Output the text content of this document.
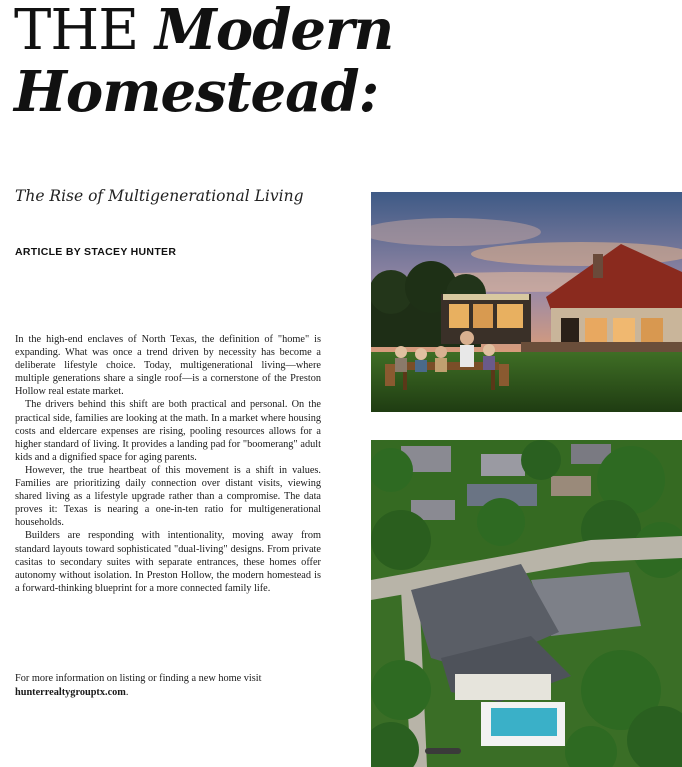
THE Modern
Homestead:
The Rise of Multigenerational Living
ARTICLE BY STACEY HUNTER

In the high-end enclaves of North Texas, the definition of "home" is expanding. What was once a trend driven by necessity has become a deliberate lifestyle choice. Today, multigenerational living—where multiple generations share a single roof—is a cornerstone of the Preston Hollow real estate market.

The drivers behind this shift are both practical and personal. On the practical side, families are looking at the math. In a market where housing costs and eldercare expenses are rising, pooling resources allows for a higher standard of living. It provides a landing pad for "boomerang" adult kids and a dignified space for aging parents.

However, the true heartbeat of this movement is a shift in values. Families are prioritizing daily connection over distant visits, viewing shared living as a lifestyle upgrade rather than a compromise. The data proves it: Texas is nearing a one-in-ten ratio for multigenerational households.

Builders are responding with intentionality, moving away from standard layouts toward sophisticated "dual-living" designs. From private casitas to secondary suites with separate entrances, these homes offer autonomy without isolation. In Preston Hollow, the modern homestead is a forward-thinking blueprint for a more connected family life.

For more information on listing or finding a new home visit
hunterrealtygrouptx.com.
